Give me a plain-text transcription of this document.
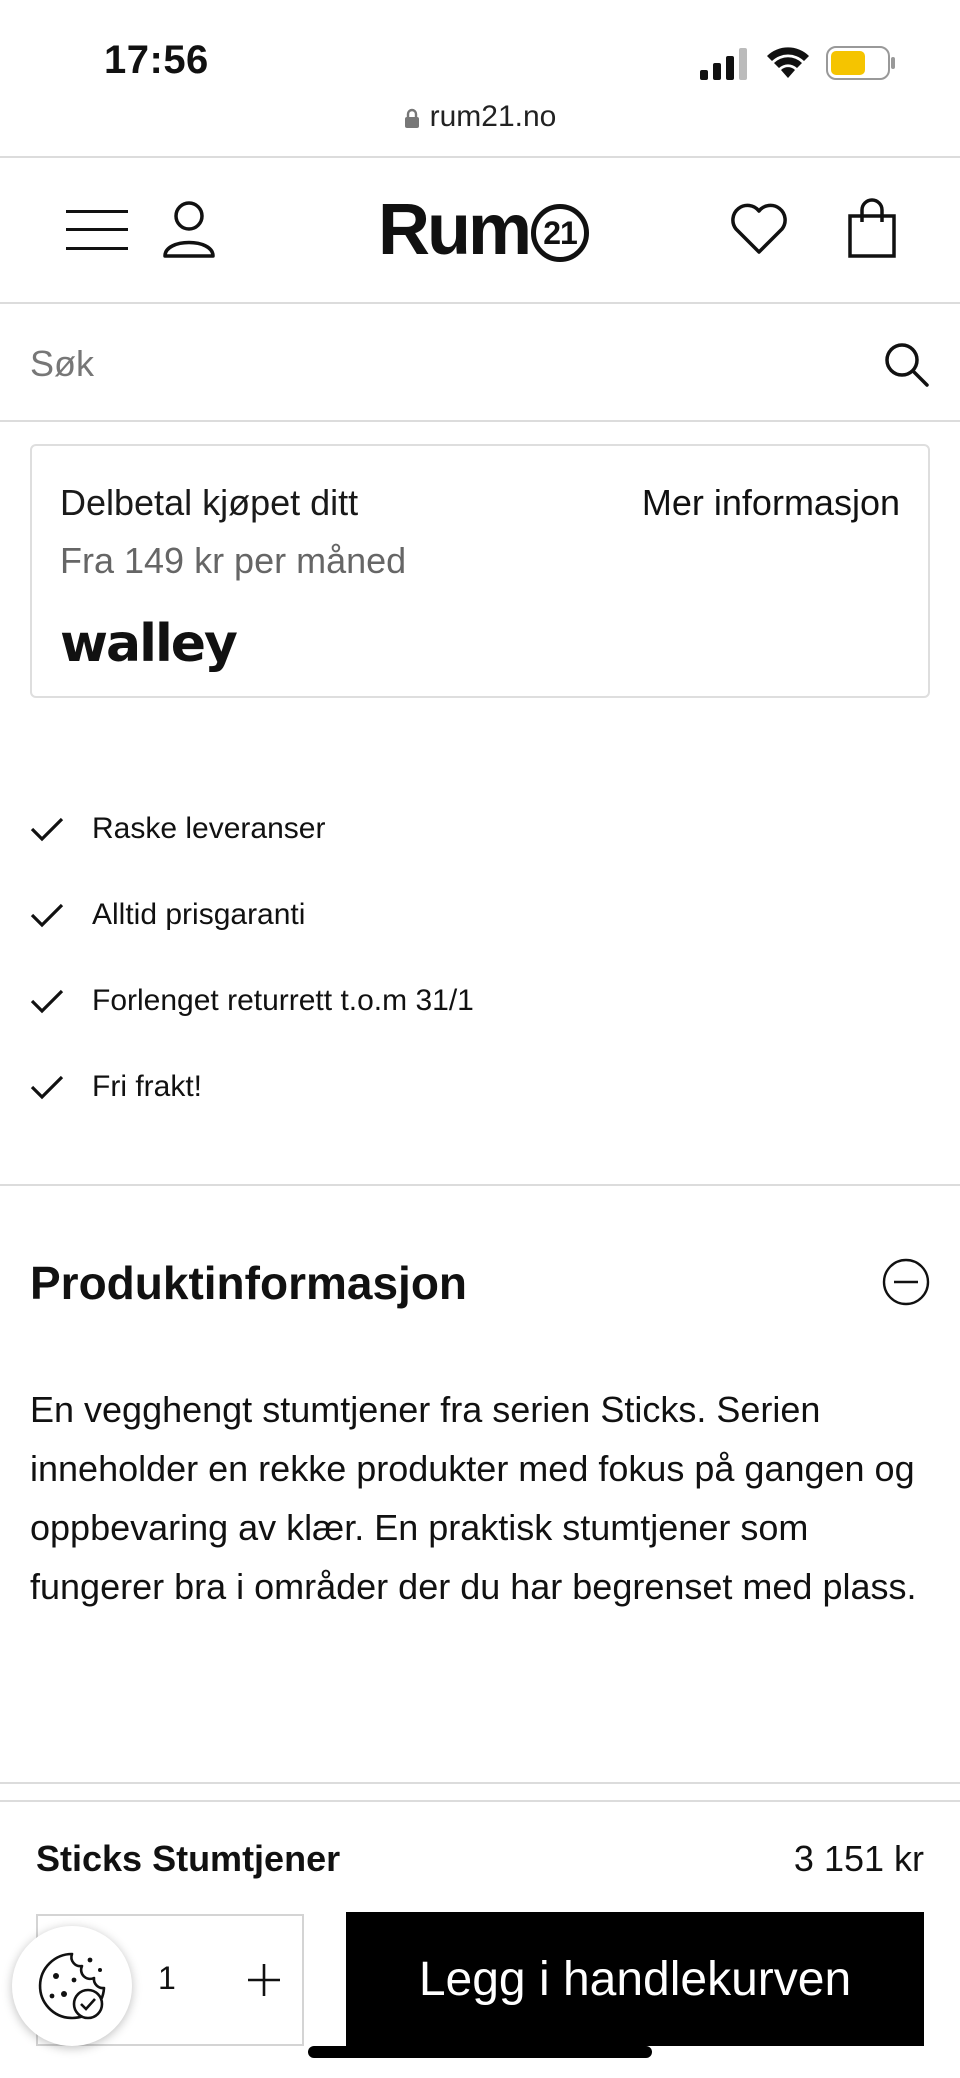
17:56
rum21.no
Rum 21
Søk
Delbetal kjøpet ditt	Mer informasjon
Fra 149 kr per måned
walley
Raske leveranser
Alltid prisgaranti
Forlenget returrett t.o.m 31/1
Fri frakt!
Produktinformasjon

En vegghengt stumtjener fra serien Sticks. Serien inneholder en rekke produkter med fokus på gangen og oppbevaring av klær. En praktisk stumtjener som fungerer bra i områder der du har begrenset med plass.

Sticks Stumtjener	3 151 kr
1	Legg i handlekurven
